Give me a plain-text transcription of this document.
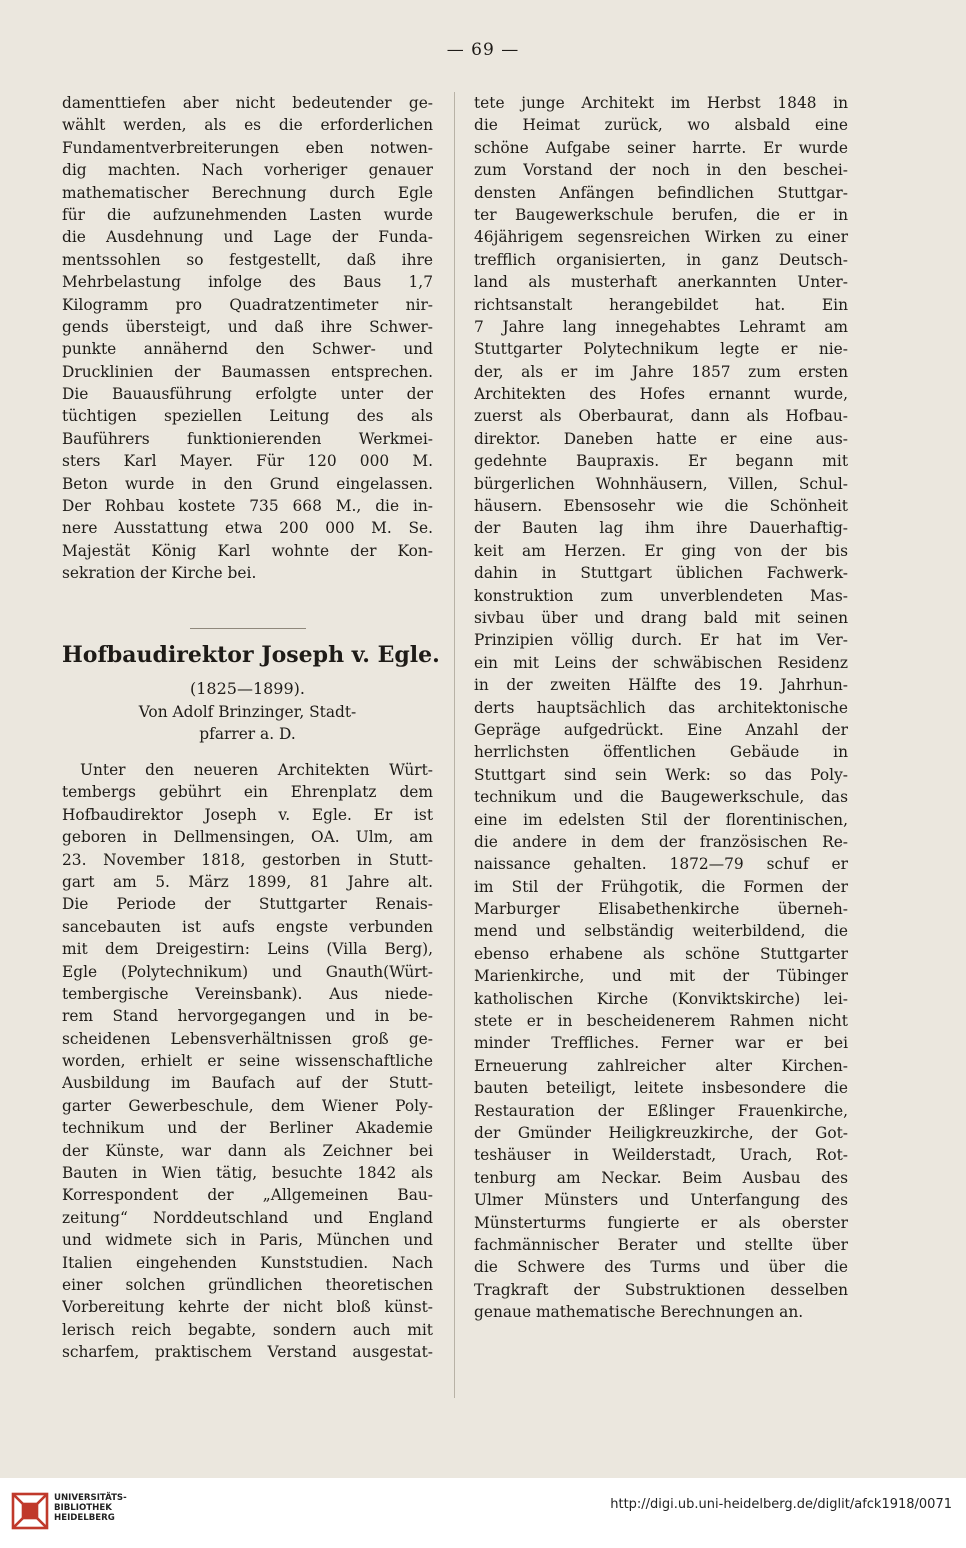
— 69 —
damenttiefen aber nicht bedeutender ge-
wählt werden, als es die erforderlichen
Fundamentverbreiterungen eben notwen-
dig machten. Nach vorheriger genauer
mathematischer Berechnung durch Egle
für die aufzunehmenden Lasten wurde
die Ausdehnung und Lage der Funda-
mentssohlen so festgestellt, daß ihre
Mehrbelastung infolge des Baus 1,7
Kilogramm pro Quadratzentimeter nir-
gends übersteigt, und daß ihre Schwer-
punkte annähernd den Schwer- und
Drucklinien der Baumassen entsprechen.
Die Bauausführung erfolgte unter der
tüchtigen speziellen Leitung des als
Bauführers funktionierenden Werkmei-
sters Karl Mayer. Für 120 000 M.
Beton wurde in den Grund eingelassen.
Der Rohbau kostete 735 668 M., die in-
nere Ausstattung etwa 200 000 M. Se.
Majestät König Karl wohnte der Kon-
sekration der Kirche bei.
Hofbaudirektor Joseph v. Egle.
(1825—1899).
Von Adolf Brinzinger, Stadt-
pfarrer a. D.
Unter den neueren Architekten Würt-
tembergs gebührt ein Ehrenplatz dem
Hofbaudirektor Joseph v. Egle. Er ist
geboren in Dellmensingen, OA. Ulm, am
23. November 1818, gestorben in Stutt-
gart am 5. März 1899, 81 Jahre alt.
Die Periode der Stuttgarter Renais-
sancebauten ist aufs engste verbunden
mit dem Dreigestirn: Leins (Villa Berg),
Egle (Polytechnikum) und Gnauth(Würt-
tembergische Vereinsbank). Aus niede-
rem Stand hervorgegangen und in be-
scheidenen Lebensverhältnissen groß ge-
worden, erhielt er seine wissenschaftliche
Ausbildung im Baufach auf der Stutt-
garter Gewerbeschule, dem Wiener Poly-
technikum und der Berliner Akademie
der Künste, war dann als Zeichner bei
Bauten in Wien tätig, besuchte 1842 als
Korrespondent der „Allgemeinen Bau-
zeitung“ Norddeutschland und England
und widmete sich in Paris, München und
Italien eingehenden Kunststudien. Nach
einer solchen gründlichen theoretischen
Vorbereitung kehrte der nicht bloß künst-
lerisch reich begabte, sondern auch mit
scharfem, praktischem Verstand ausgestat-
tete junge Architekt im Herbst 1848 in
die Heimat zurück, wo alsbald eine
schöne Aufgabe seiner harrte. Er wurde
zum Vorstand der noch in den beschei-
densten Anfängen befindlichen Stuttgar-
ter Baugewerkschule berufen, die er in
46jährigem segensreichen Wirken zu einer
trefflich organisierten, in ganz Deutsch-
land als musterhaft anerkannten Unter-
richtsanstalt herangebildet hat. Ein
7 Jahre lang innegehabtes Lehramt am
Stuttgarter Polytechnikum legte er nie-
der, als er im Jahre 1857 zum ersten
Architekten des Hofes ernannt wurde,
zuerst als Oberbaurat, dann als Hofbau-
direktor. Daneben hatte er eine aus-
gedehnte Baupraxis. Er begann mit
bürgerlichen Wohnhäusern, Villen, Schul-
häusern. Ebensosehr wie die Schönheit
der Bauten lag ihm ihre Dauerhaftig-
keit am Herzen. Er ging von der bis
dahin in Stuttgart üblichen Fachwerk-
konstruktion zum unverblendeten Mas-
sivbau über und drang bald mit seinen
Prinzipien völlig durch. Er hat im Ver-
ein mit Leins der schwäbischen Residenz
in der zweiten Hälfte des 19. Jahrhun-
derts hauptsächlich das architektonische
Gepräge aufgedrückt. Eine Anzahl der
herrlichsten öffentlichen Gebäude in
Stuttgart sind sein Werk: so das Poly-
technikum und die Baugewerkschule, das
eine im edelsten Stil der florentinischen,
die andere in dem der französischen Re-
naissance gehalten. 1872—79 schuf er
im Stil der Frühgotik, die Formen der
Marburger Elisabethenkirche überneh-
mend und selbständig weiterbildend, die
ebenso erhabene als schöne Stuttgarter
Marienkirche, und mit der Tübinger
katholischen Kirche (Konviktskirche) lei-
stete er in bescheidenerem Rahmen nicht
minder Treffliches. Ferner war er bei
Erneuerung zahlreicher alter Kirchen-
bauten beteiligt, leitete insbesondere die
Restauration der Eßlinger Frauenkirche,
der Gmünder Heiligkreuzkirche, der Got-
teshäuser in Weilderstadt, Urach, Rot-
tenburg am Neckar. Beim Ausbau des
Ulmer Münsters und Unterfangung des
Münsterturms fungierte er als oberster
fachmännischer Berater und stellte über
die Schwere des Turms und über die
Tragkraft der Substruktionen desselben
genaue mathematische Berechnungen an.
UNIVERSITÄTS-
BIBLIOTHEK
HEIDELBERG
http://digi.ub.uni-heidelberg.de/diglit/afck1918/0071
